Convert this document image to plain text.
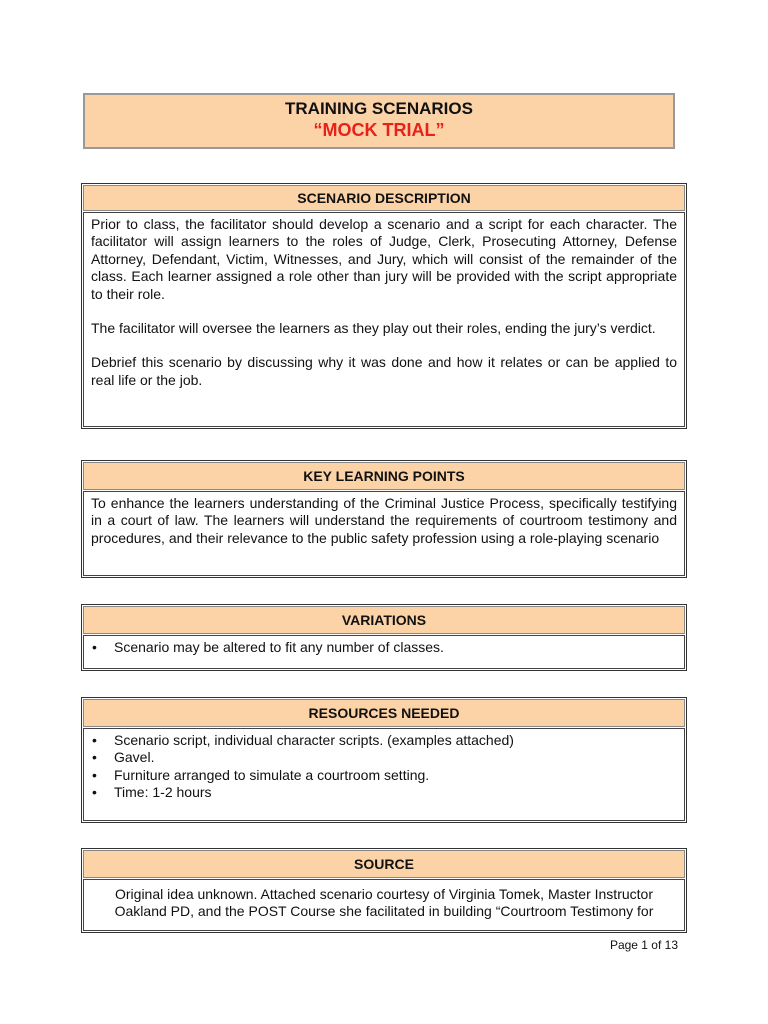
TRAINING SCENARIOS
“MOCK TRIAL”
SCENARIO DESCRIPTION

Prior to class, the facilitator should develop a scenario and a script for each character. The facilitator will assign learners to the roles of Judge, Clerk, Prosecuting Attorney, Defense Attorney, Defendant, Victim, Witnesses, and Jury, which will consist of the remainder of the class. Each learner assigned a role other than jury will be provided with the script appropriate to their role.

The facilitator will oversee the learners as they play out their roles, ending the jury’s verdict.

Debrief this scenario by discussing why it was done and how it relates or can be applied to real life or the job.

KEY LEARNING POINTS

To enhance the learners understanding of the Criminal Justice Process, specifically testifying in a court of law. The learners will understand the requirements of courtroom testimony and procedures, and their relevance to the public safety profession using a role-playing scenario

VARIATIONS
• Scenario may be altered to fit any number of classes.
RESOURCES NEEDED
• Scenario script, individual character scripts. (examples attached)
• Gavel.
• Furniture arranged to simulate a courtroom setting.
• Time: 1-2 hours
SOURCE

Original idea unknown. Attached scenario courtesy of Virginia Tomek, Master Instructor Oakland PD, and the POST Course she facilitated in building “Courtroom Testimony for

Page 1 of 13
